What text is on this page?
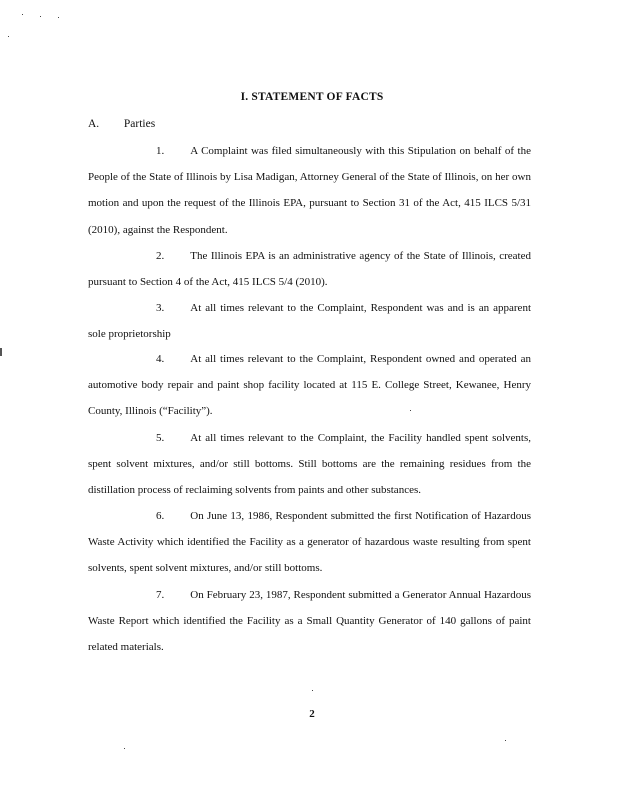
I. STATEMENT OF FACTS
A. Parties
1. A Complaint was filed simultaneously with this Stipulation on behalf of the People of the State of Illinois by Lisa Madigan, Attorney General of the State of Illinois, on her own motion and upon the request of the Illinois EPA, pursuant to Section 31 of the Act, 415 ILCS 5/31 (2010), against the Respondent.
2. The Illinois EPA is an administrative agency of the State of Illinois, created pursuant to Section 4 of the Act, 415 ILCS 5/4 (2010).
3. At all times relevant to the Complaint, Respondent was and is an apparent sole proprietorship
4. At all times relevant to the Complaint, Respondent owned and operated an automotive body repair and paint shop facility located at 115 E. College Street, Kewanee, Henry County, Illinois (“Facility”).
5. At all times relevant to the Complaint, the Facility handled spent solvents, spent solvent mixtures, and/or still bottoms. Still bottoms are the remaining residues from the distillation process of reclaiming solvents from paints and other substances.
6. On June 13, 1986, Respondent submitted the first Notification of Hazardous Waste Activity which identified the Facility as a generator of hazardous waste resulting from spent solvents, spent solvent mixtures, and/or still bottoms.
7. On February 23, 1987, Respondent submitted a Generator Annual Hazardous Waste Report which identified the Facility as a Small Quantity Generator of 140 gallons of paint related materials.
2
